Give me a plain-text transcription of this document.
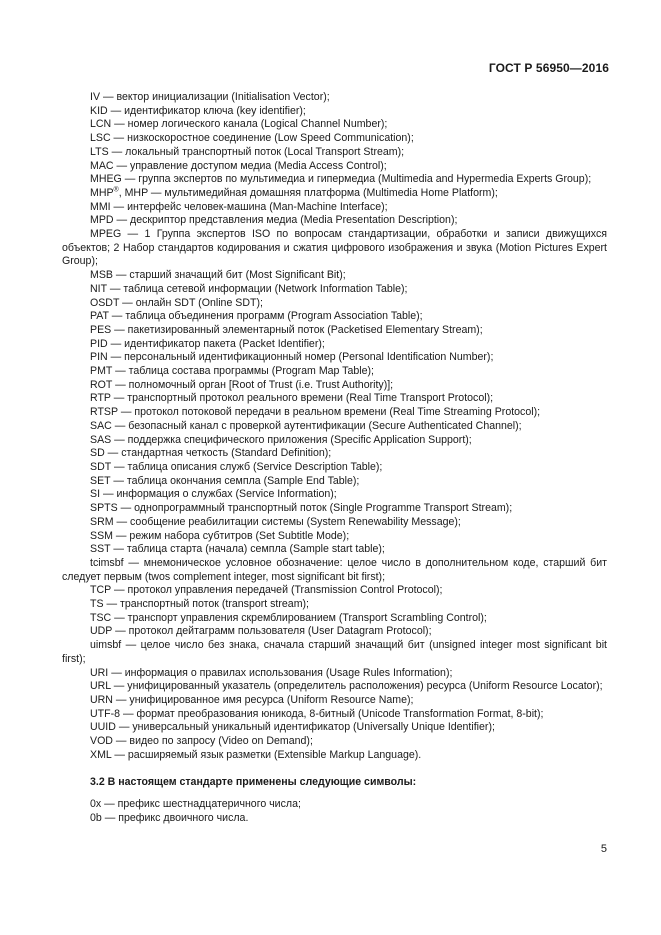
ГОСТ Р 56950—2016

IV — вектор инициализации (Initialisation Vector);

KID — идентификатор ключа (key identifier);

LCN — номер логического канала (Logical Channel Number);

LSC — низкоскоростное соединение (Low Speed Communication);

LTS — локальный транспортный поток (Local Transport Stream);

MAC — управление доступом медиа (Media Access Control);

MHEG — группа экспертов по мультимедиа и гипермедиа (Multimedia and Hypermedia Experts Group);

MHP®, MHP — мультимедийная домашняя платформа (Multimedia Home Platform);

MMI — интерфейс человек-машина (Man-Machine Interface);

MPD — дескриптор представления медиа (Media Presentation Description);

MPEG — 1 Группа экспертов ISO по вопросам стандартизации, обработки и записи движущихся объектов; 2 Набор стандартов кодирования и сжатия цифрового изображения и звука (Motion Pictures Expert Group);

MSB — старший значащий бит (Most Significant Bit);

NIT — таблица сетевой информации (Network Information Table);

OSDT — онлайн SDT (Online SDT);

PAT — таблица объединения программ (Program Association Table);

PES — пакетизированный элементарный поток (Packetised Elementary Stream);

PID — идентификатор пакета (Packet Identifier);

PIN — персональный идентификационный номер (Personal Identification Number);

PMT — таблица состава программы (Program Map Table);

ROT — полномочный орган [Root of Trust (i.e. Trust Authority)];

RTP — транспортный протокол реального времени (Real Time Transport Protocol);

RTSP — протокол потоковой передачи в реальном времени (Real Time Streaming Protocol);

SAC — безопасный канал с проверкой аутентификации (Secure Authenticated Channel);

SAS — поддержка специфического приложения (Specific Application Support);

SD — стандартная четкость (Standard Definition);

SDT — таблица описания служб (Service Description Table);

SET — таблица окончания семпла (Sample End Table);

SI — информация о службах (Service Information);

SPTS — однопрограммный транспортный поток (Single Programme Transport Stream);

SRM — сообщение реабилитации системы (System Renewability Message);

SSM — режим набора субтитров (Set Subtitle Mode);

SST — таблица старта (начала) семпла (Sample start table);

tcimsbf — мнемоническое условное обозначение: целое число в дополнительном коде, старший бит следует первым (twos complement integer, most significant bit first);

TCP — протокол управления передачей (Transmission Control Protocol);

TS — транспортный поток (transport stream);

TSC — транспорт управления скремблированием (Transport Scrambling Control);

UDP — протокол дейтаграмм пользователя (User Datagram Protocol);

uimsbf — целое число без знака, сначала старший значащий бит (unsigned integer most significant bit first);

URI — информация о правилах использования (Usage Rules Information);

URL — унифицированный указатель (определитель расположения) ресурса (Uniform Resource Locator);

URN — унифицированное имя ресурса (Uniform Resource Name);

UTF-8 — формат преобразования юникода, 8-битный (Unicode Transformation Format, 8-bit);

UUID — универсальный уникальный идентификатор (Universally Unique Identifier);

VOD — видео по запросу (Video on Demand);

XML — расширяемый язык разметки (Extensible Markup Language).

3.2 В настоящем стандарте применены следующие символы:

0x — префикс шестнадцатеричного числа;

0b — префикс двоичного числа.

5
